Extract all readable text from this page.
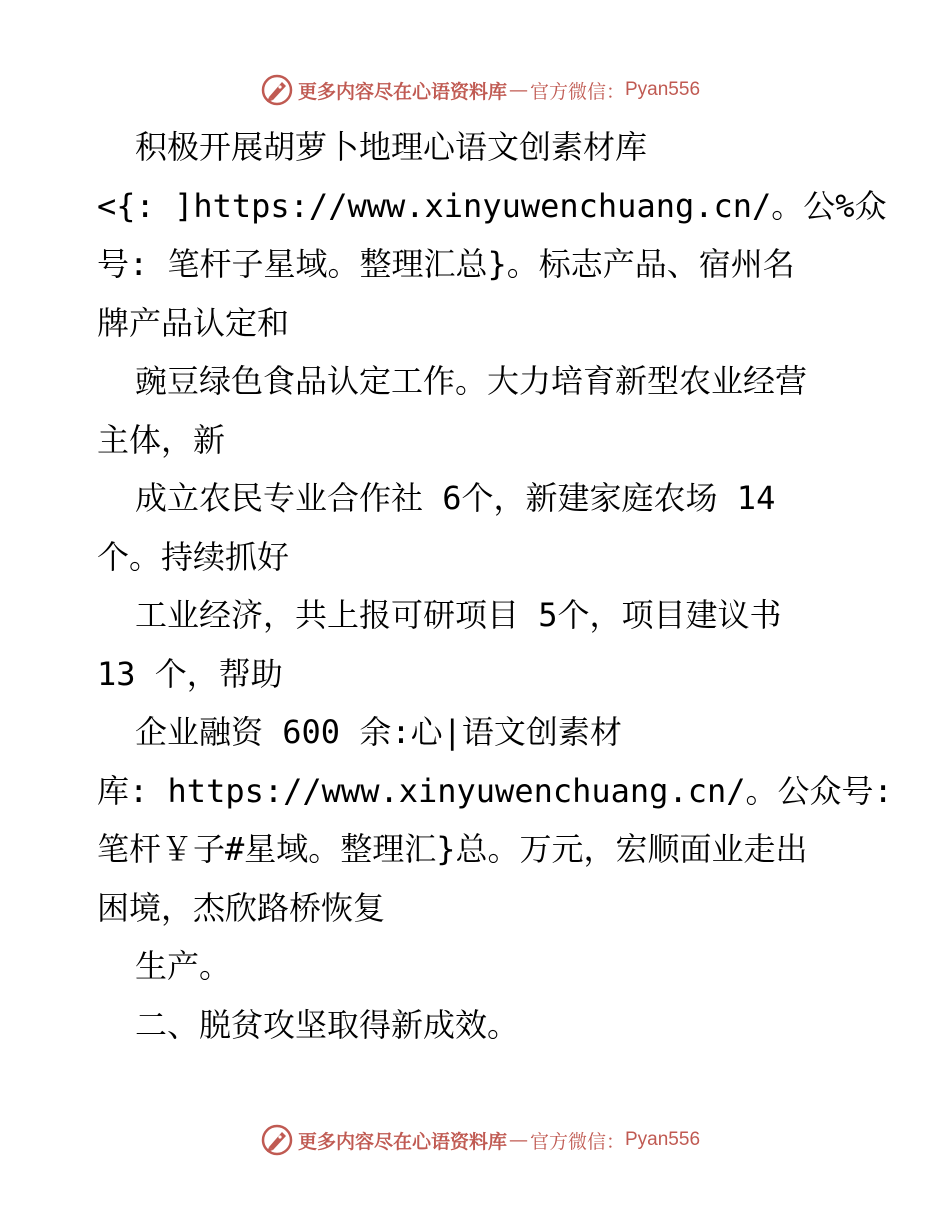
更多内容尽在心语资料库 — 官方微信： Pyan556
积极开展胡萝卜地理心语文创素材库
<{: ]https://www.xinyuwenchuang.cn/。公%众
号: 笔杆子星域。整理汇总}。标志产品、宿州名
牌产品认定和
豌豆绿色食品认定工作。大力培育新型农业经营
主体，新
成立农民专业合作社 6个，新建家庭农场 14
个。持续抓好
工业经济，共上报可研项目 5个，项目建议书
13 个，帮助
企业融资 600 余:心|语文创素材
库: https://www.xinyuwenchuang.cn/。公众号:
笔杆￥子#星域。整理汇}总。万元，宏顺面业走出
困境，杰欣路桥恢复
生产。
二、脱贫攻坚取得新成效。
更多内容尽在心语资料库 — 官方微信： Pyan556
